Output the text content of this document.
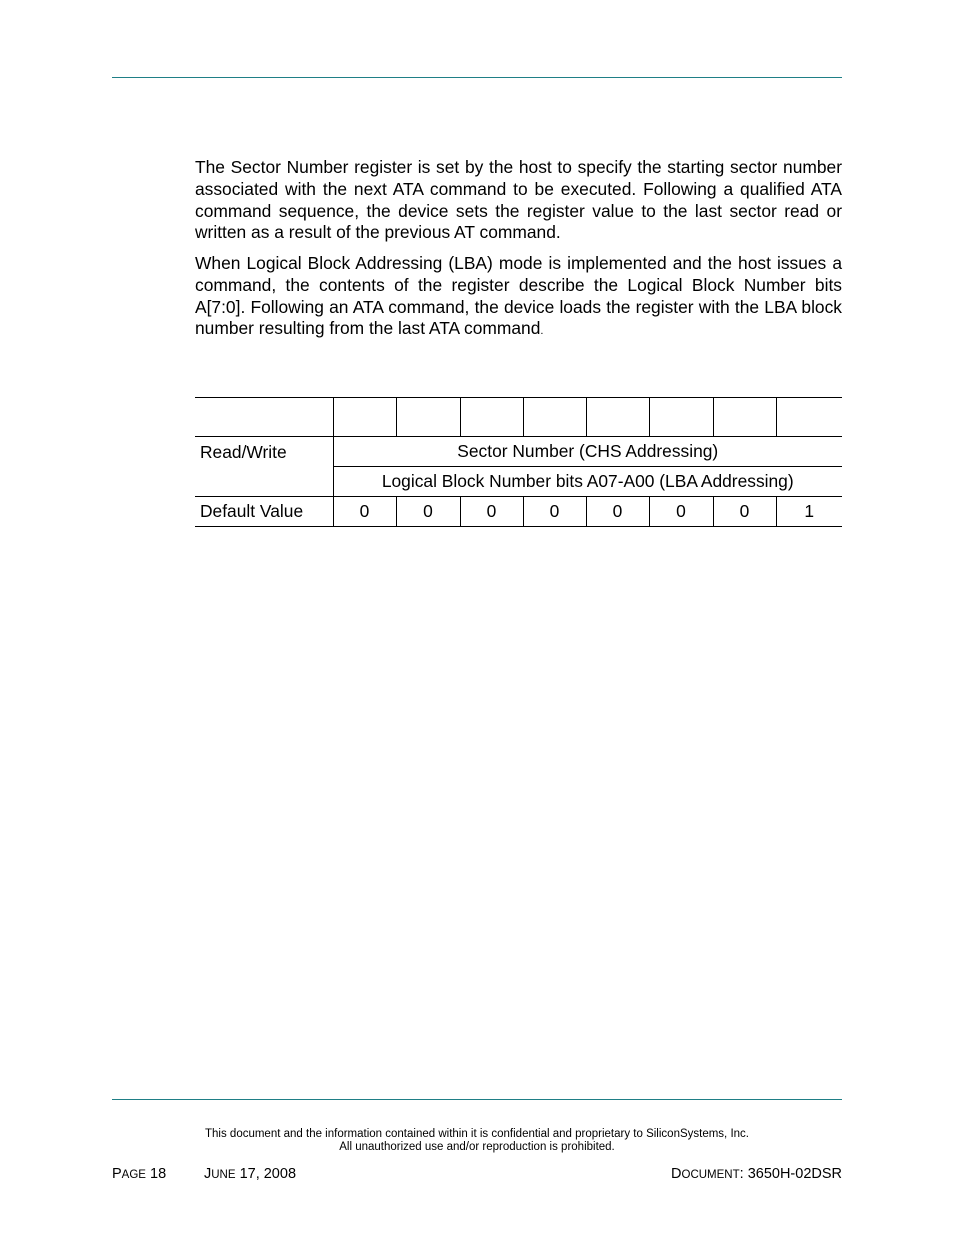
The Sector Number register is set by the host to specify the starting sector number associated with the next ATA command to be executed. Following a qualified ATA command sequence, the device sets the register value to the last sector read or written as a result of the previous AT command.

When Logical Block Addressing (LBA) mode is implemented and the host issues a command, the contents of the register describe the Logical Block Number bits A[7:0]. Following an ATA command, the device loads the register with the LBA block number resulting from the last ATA command.

Read/Write	Sector Number (CHS Addressing)							
	Logical Block Number bits A07-A00 (LBA Addressing)							
Default Value	0	0	0	0	0	0	0	1
This document and the information contained within it is confidential and proprietary to SiliconSystems, Inc.
All unauthorized use and/or reproduction is prohibited.
PAGE 18	JUNE 17, 2008	DOCUMENT: 3650H-02DSR
